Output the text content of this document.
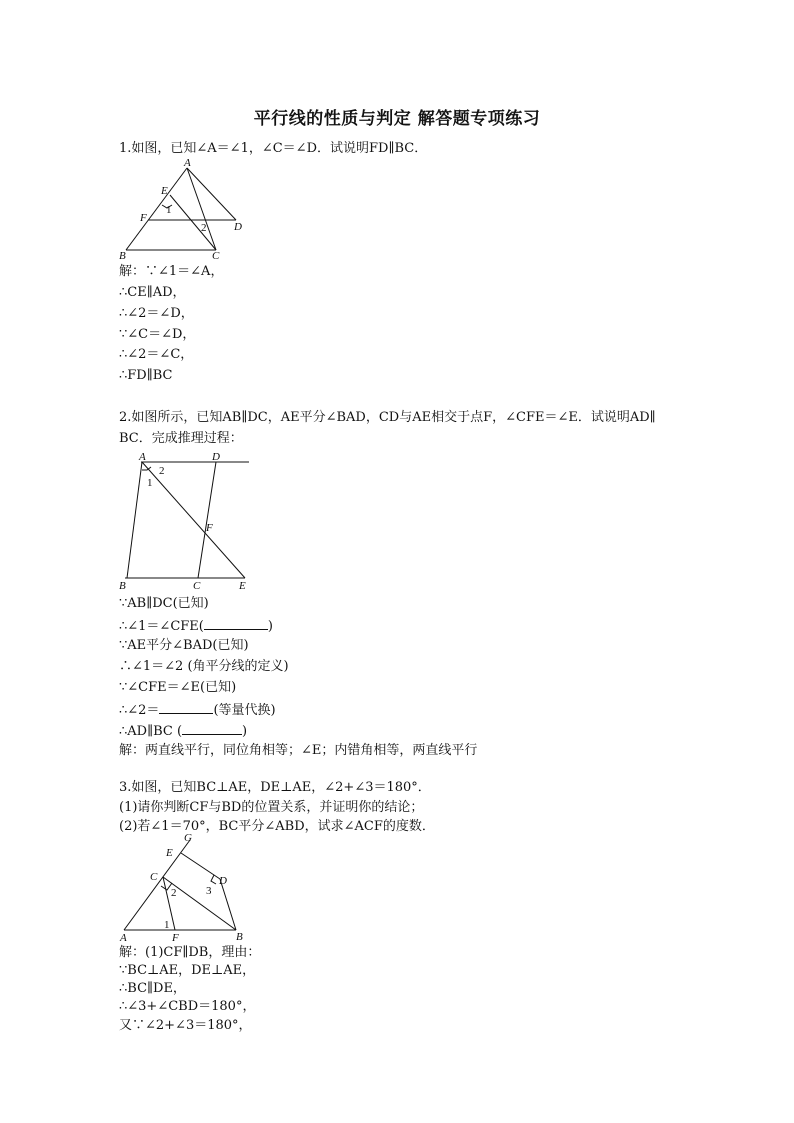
平行线的性质与判定 解答题专项练习
1.如图，已知∠A＝∠1，∠C＝∠D．试说明FD∥BC．
A
E
1
F
2	D
B	C
解：∵∠1＝∠A，
∴CE∥AD，
∴∠2＝∠D，
∵∠C＝∠D，
∴∠2＝∠C，
∴FD∥BC
2.如图所示，已知AB∥DC，AE平分∠BAD，CD与AE相交于点F，∠CFE＝∠E．试说明AD∥
BC．完成推理过程：
A
2
D
1
F
B	C	E
∵AB∥DC(已知)
∴∠1＝∠CFE(	)
∵AE平分∠BAD(已知)
∴∠1＝∠2 (角平分线的定义)
∵∠CFE＝∠E(已知)
∴∠2＝	(等量代换)
∴AD∥BC (	)
解：两直线平行，同位角相等；∠E；内错角相等，两直线平行
3.如图，已知BC⊥AE，DE⊥AE，∠2+∠3＝180°．
(1)请你判断CF与BD的位置关系，并证明你的结论；
(2)若∠1＝70°，BC平分∠ABD，试求∠ACF的度数．
G
E
C	D
2	3
1
A	F	B
解：(1)CF∥DB，理由：
∵BC⊥AE，DE⊥AE，
∴BC∥DE，
∴∠3+∠CBD＝180°，
又∵∠2+∠3＝180°，
